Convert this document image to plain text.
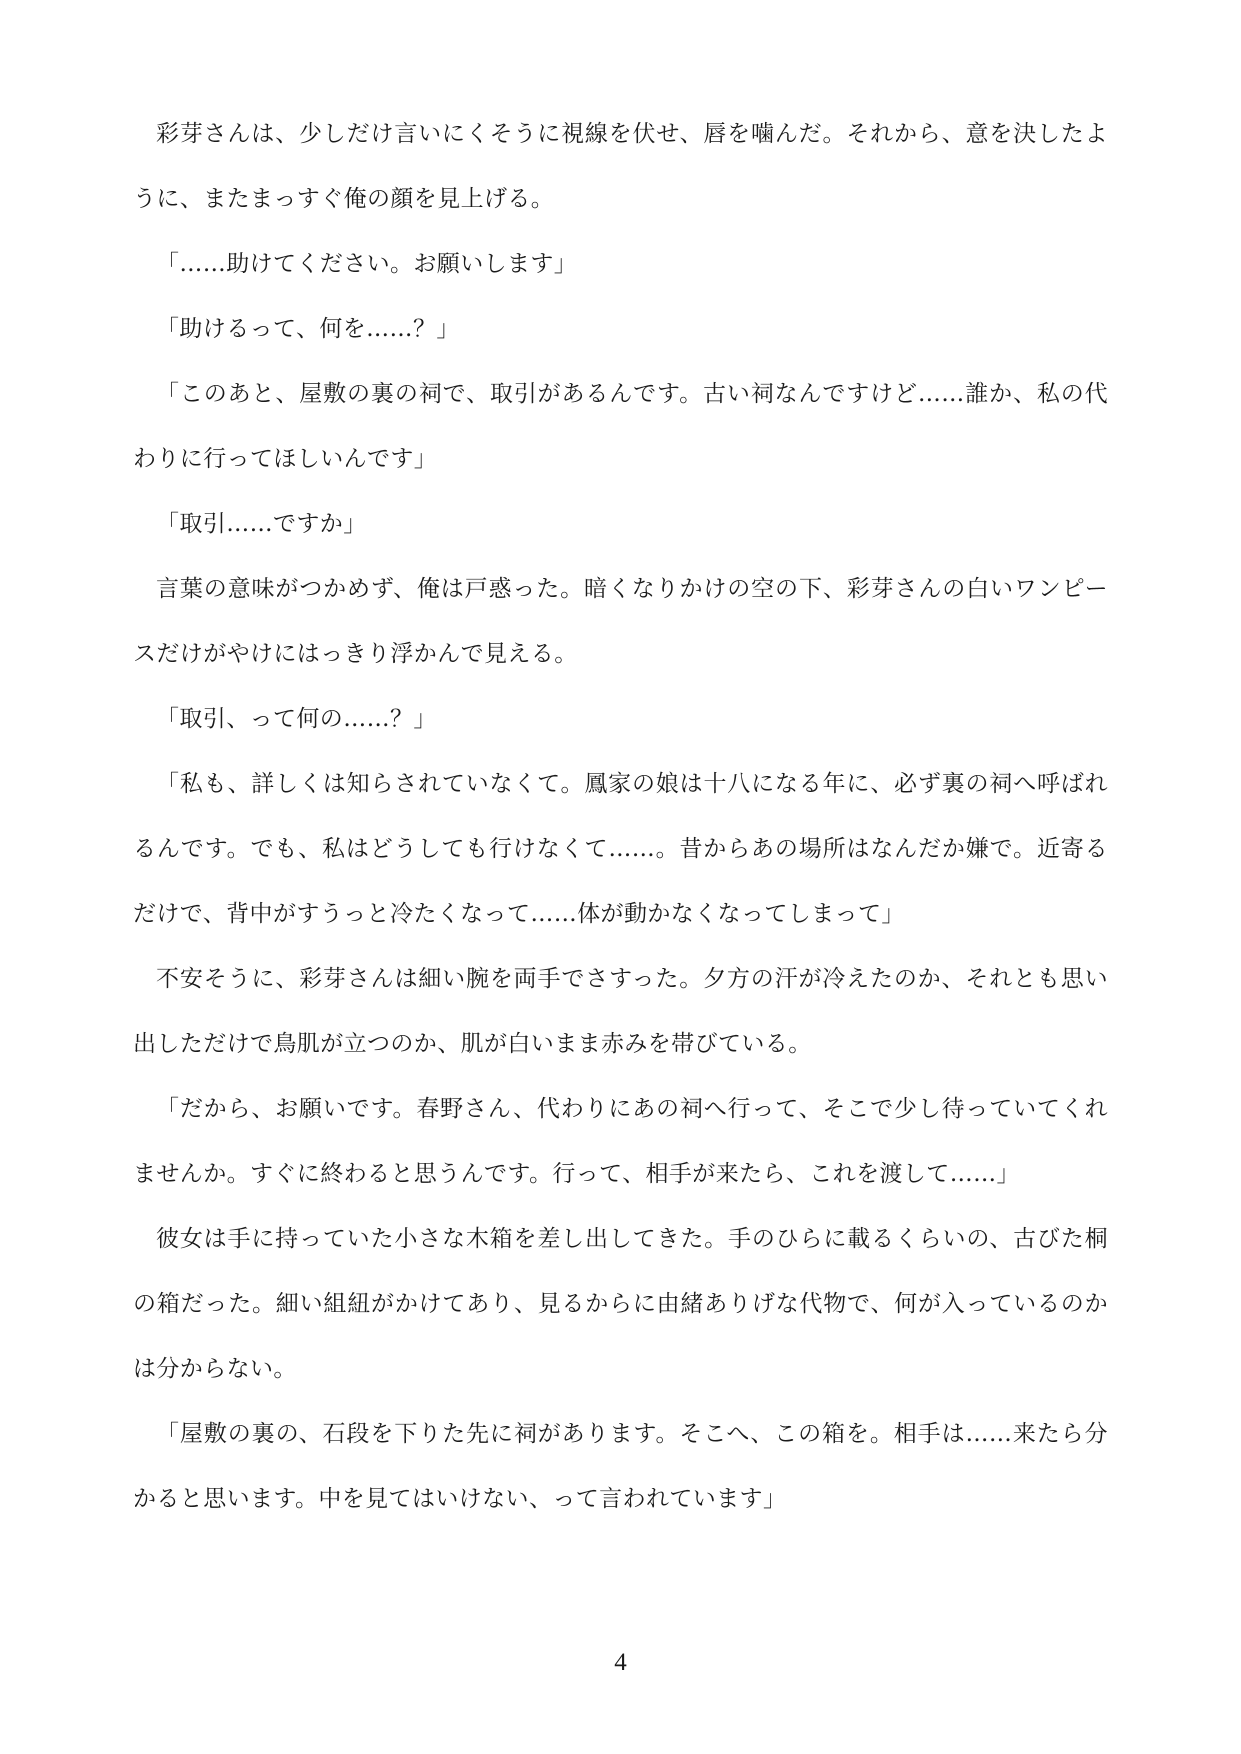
彩芽さんは、少しだけ言いにくそうに視線を伏せ、唇を噛んだ。それから、意を決したように、またまっすぐ俺の顔を見上げる。

「……助けてください。お願いします」

「助けるって、何を……？」

「このあと、屋敷の裏の祠で、取引があるんです。古い祠なんですけど……誰か、私の代わりに行ってほしいんです」

「取引……ですか」

言葉の意味がつかめず、俺は戸惑った。暗くなりかけの空の下、彩芽さんの白いワンピースだけがやけにはっきり浮かんで見える。

「取引、って何の……？」

「私も、詳しくは知らされていなくて。鳳家の娘は十八になる年に、必ず裏の祠へ呼ばれるんです。でも、私はどうしても行けなくて……。昔からあの場所はなんだか嫌で。近寄るだけで、背中がすうっと冷たくなって……体が動かなくなってしまって」

不安そうに、彩芽さんは細い腕を両手でさすった。夕方の汗が冷えたのか、それとも思い出しただけで鳥肌が立つのか、肌が白いまま赤みを帯びている。

「だから、お願いです。春野さん、代わりにあの祠へ行って、そこで少し待っていてくれませんか。すぐに終わると思うんです。行って、相手が来たら、これを渡して……」

彼女は手に持っていた小さな木箱を差し出してきた。手のひらに載るくらいの、古びた桐の箱だった。細い組紐がかけてあり、見るからに由緒ありげな代物で、何が入っているのかは分からない。

「屋敷の裏の、石段を下りた先に祠があります。そこへ、この箱を。相手は……来たら分かると思います。中を見てはいけない、って言われています」

4
